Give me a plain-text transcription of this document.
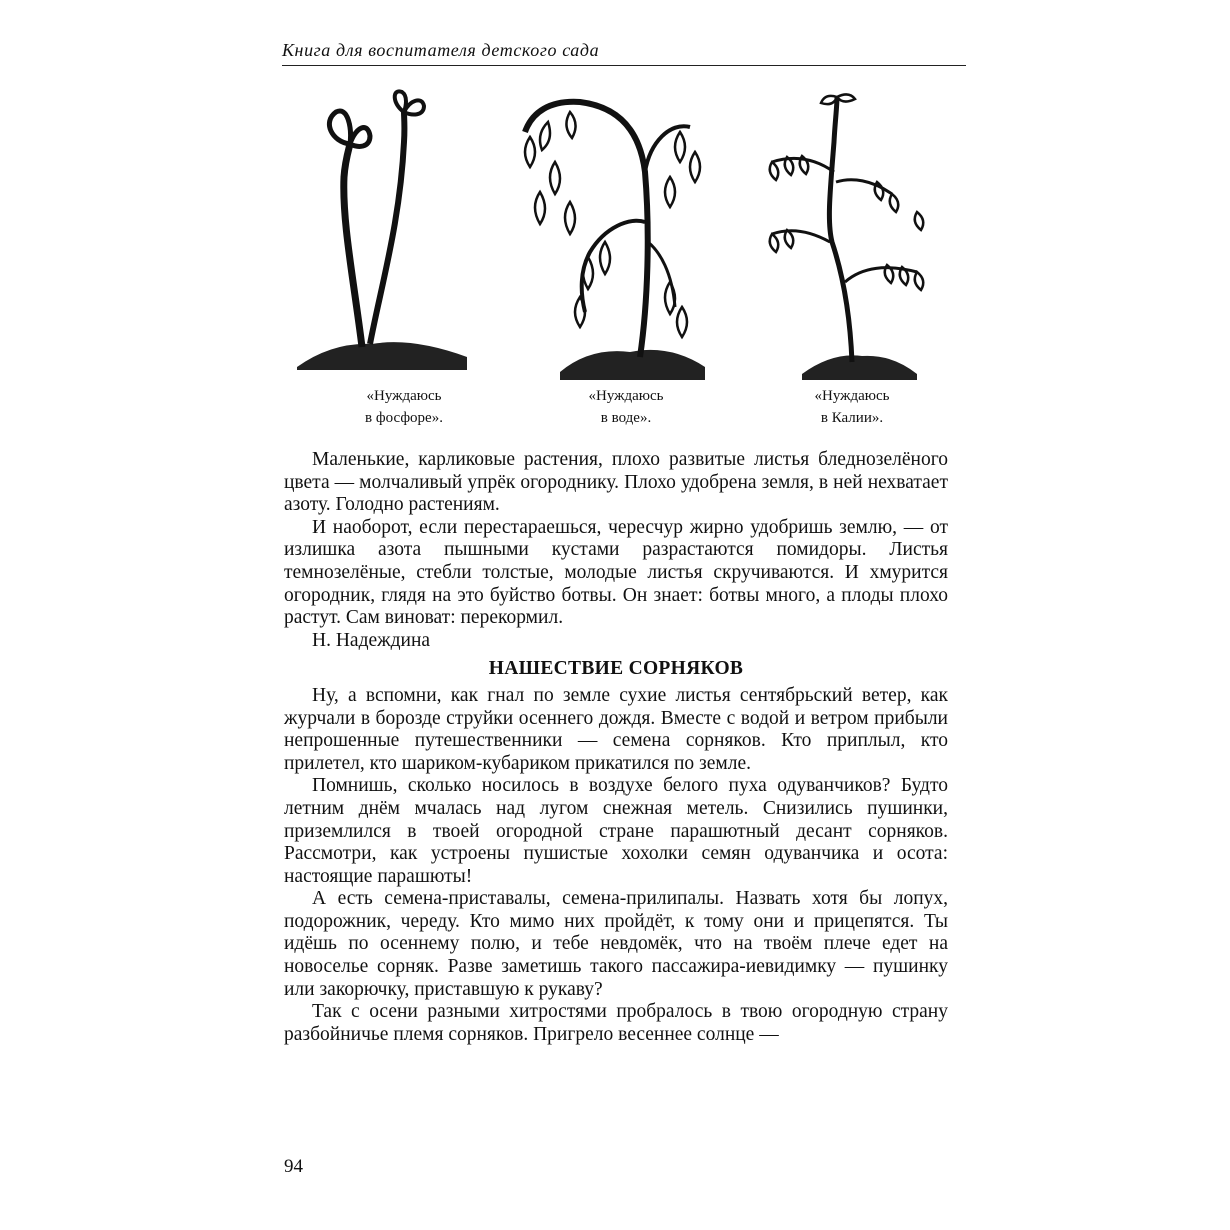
Книга для воспитателя детского сада
«Нуждаюсь
в фосфоре».
«Нуждаюсь
в воде».
«Нуждаюсь
в Калии».

Маленькие, карликовые растения, плохо развитые листья бледнозелёного цвета — молчаливый упрёк огороднику. Плохо удобрена земля, в ней нехватает азоту. Голодно растениям.

И наоборот, если перестараешься, чересчур жирно удобришь землю, — от излишка азота пышными кустами разрастаются помидоры. Листья темнозелёные, стебли толстые, молодые листья скручиваются. И хмурится огородник, глядя на это буйство ботвы. Он знает: ботвы много, а плоды плохо растут. Сам виноват: перекормил.

Н. Надеждина

НАШЕСТВИЕ СОРНЯКОВ

Ну, а вспомни, как гнал по земле сухие листья сентябрьский ветер, как журчали в борозде струйки осеннего дождя. Вместе с водой и ветром прибыли непрошенные путешественники — семена сорняков. Кто приплыл, кто прилетел, кто шариком-кубариком прикатился по земле.

Помнишь, сколько носилось в воздухе белого пуха одуванчиков? Будто летним днём мчалась над лугом снежная метель. Снизились пушинки, приземлился в твоей огородной стране парашютный десант сорняков. Рассмотри, как устроены пушистые хохолки семян одуванчика и осота: настоящие парашюты!

А есть семена-приставалы, семена-прилипалы. Назвать хотя бы лопух, подорожник, череду. Кто мимо них пройдёт, к тому они и прицепятся. Ты идёшь по осеннему полю, и тебе невдомёк, что на твоём плече едет на новоселье сорняк. Разве заметишь такого пассажира-иевидимку — пушинку или закорючку, приставшую к рукаву?

Так с осени разными хитростями пробралось в твою огородную страну разбойничье племя сорняков. Пригрело весеннее солнце —

94
